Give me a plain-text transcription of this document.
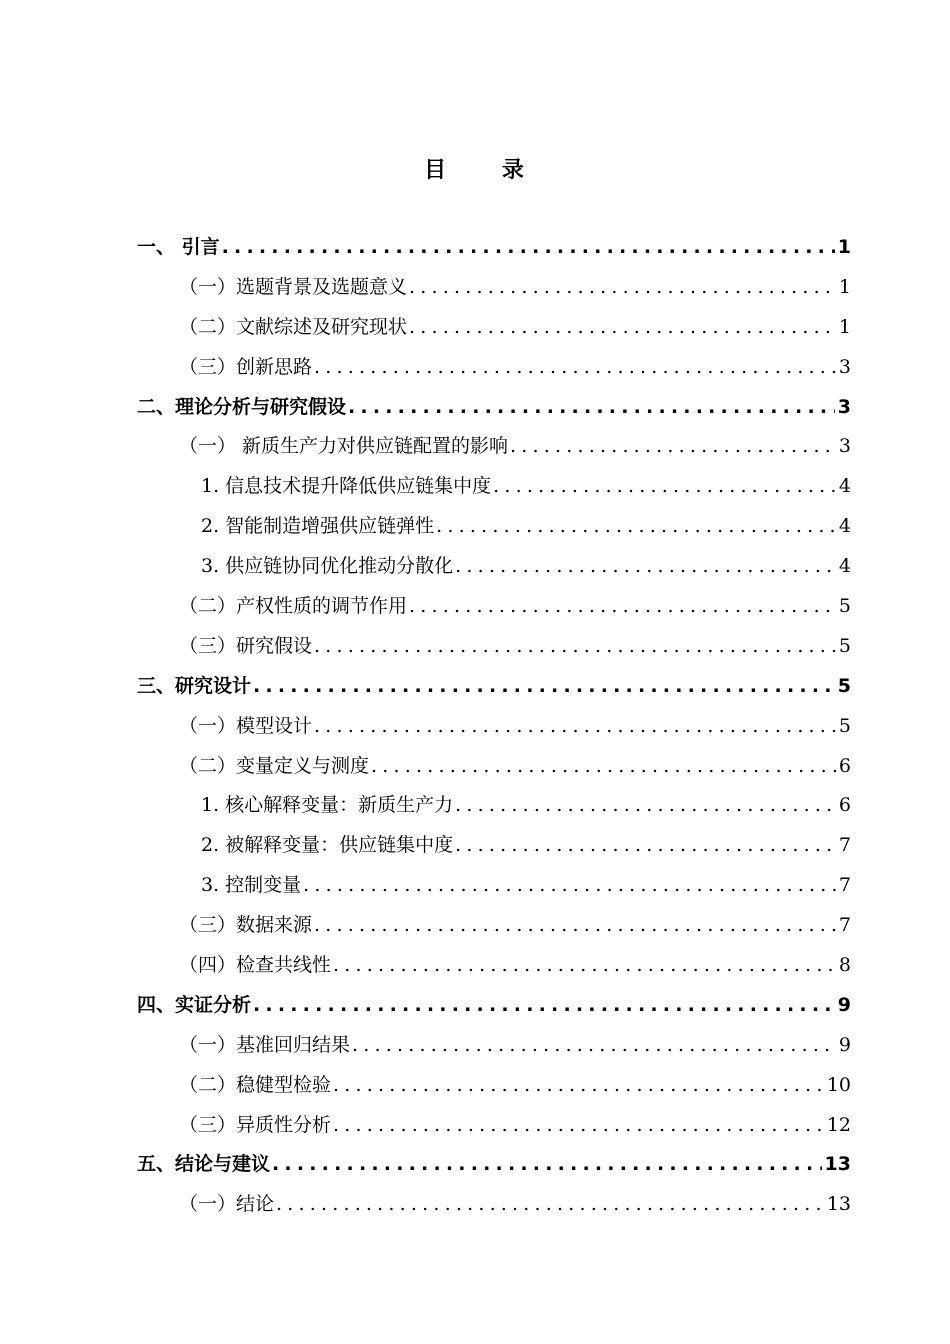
目 录
一、 引言 .....	1
（一）选题背景及选题意义 .....	1
（二）文献综述及研究现状 .....	1
（三）创新思路 .....	3
二、理论分析与研究假设 .....	3
（一） 新质生产力对供应链配置的影响 .....	3
1. 信息技术提升降低供应链集中度 .....	4
2. 智能制造增强供应链弹性 .....	4
3. 供应链协同优化推动分散化 .....	4
（二）产权性质的调节作用 .....	5
（三）研究假设 .....	5
三、研究设计 .....	5
（一）模型设计 .....	5
（二）变量定义与测度 .....	6
1. 核心解释变量：新质生产力 .....	6
2. 被解释变量：供应链集中度 .....	7
3. 控制变量 .....	7
（三）数据来源 .....	7
（四）检查共线性 .....	8
四、实证分析 .....	9
（一）基准回归结果 .....	9
（二）稳健型检验 .....	10
（三）异质性分析 .....	12
五、结论与建议 .....	13
（一）结论 .....	13
